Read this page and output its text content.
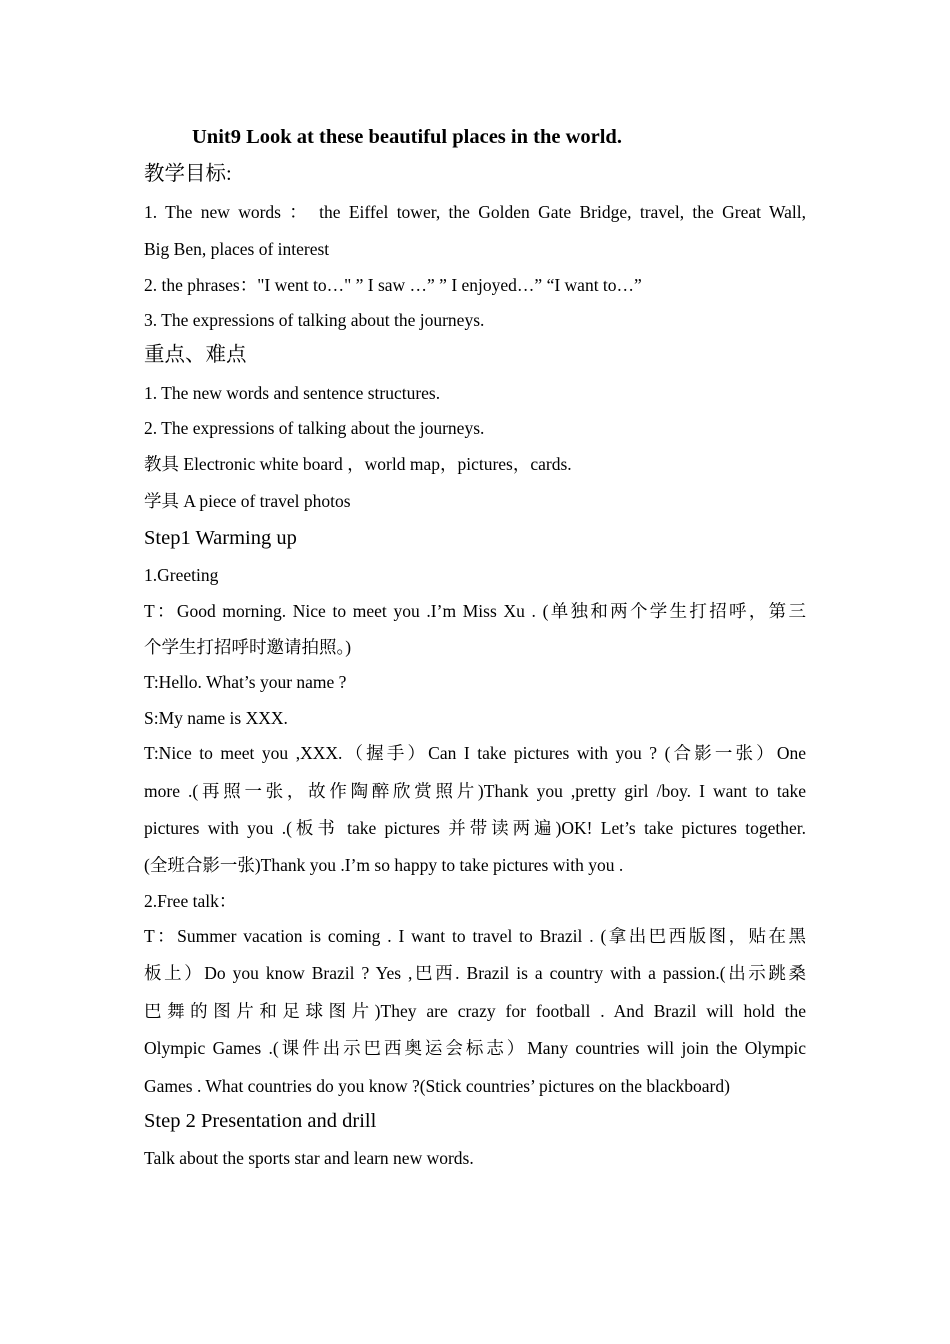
Unit9 Look at these beautiful places in the world.
教学目标:
1. The new words ： the Eiffel tower, the Golden Gate Bridge, travel, the Great Wall,
Big Ben, places of interest
2. the phrases："I went to…" ” I saw …” ” I enjoyed…” “I want to…”
3. The expressions of talking about the journeys.
重点、难点
1. The new words and sentence structures.
2. The expressions of talking about the journeys.
教具 Electronic white board ，world map，pictures，cards.
学具 A piece of travel photos
Step1 Warming up
1.Greeting
T：Good morning. Nice to meet you .I’m Miss Xu . (单独和两个学生打招呼，第三
个学生打招呼时邀请拍照。)
T:Hello. What’s your name ?
S:My name is XXX.
T:Nice to meet you ,XXX.（握手）Can I take pictures with you ? (合影一张）One
more .(再照一张，故作陶醉欣赏照片)Thank you ,pretty girl /boy. I want to take
pictures with you .(板书 take pictures 并带读两遍)OK! Let’s take pictures together.
(全班合影一张)Thank you .I’m so happy to take pictures with you .
2.Free talk：
T：Summer vacation is coming . I want to travel to Brazil . (拿出巴西版图，贴在黑
板上）Do you know Brazil ? Yes ,巴西. Brazil is a country with a passion.(出示跳桑
巴舞的图片和足球图片)They are crazy for football . And Brazil will hold the
Olympic Games .(课件出示巴西奥运会标志）Many countries will join the Olympic
Games . What countries do you know ?(Stick countries’ pictures on the blackboard)
Step 2 Presentation and drill
Talk about the sports star and learn new words.
